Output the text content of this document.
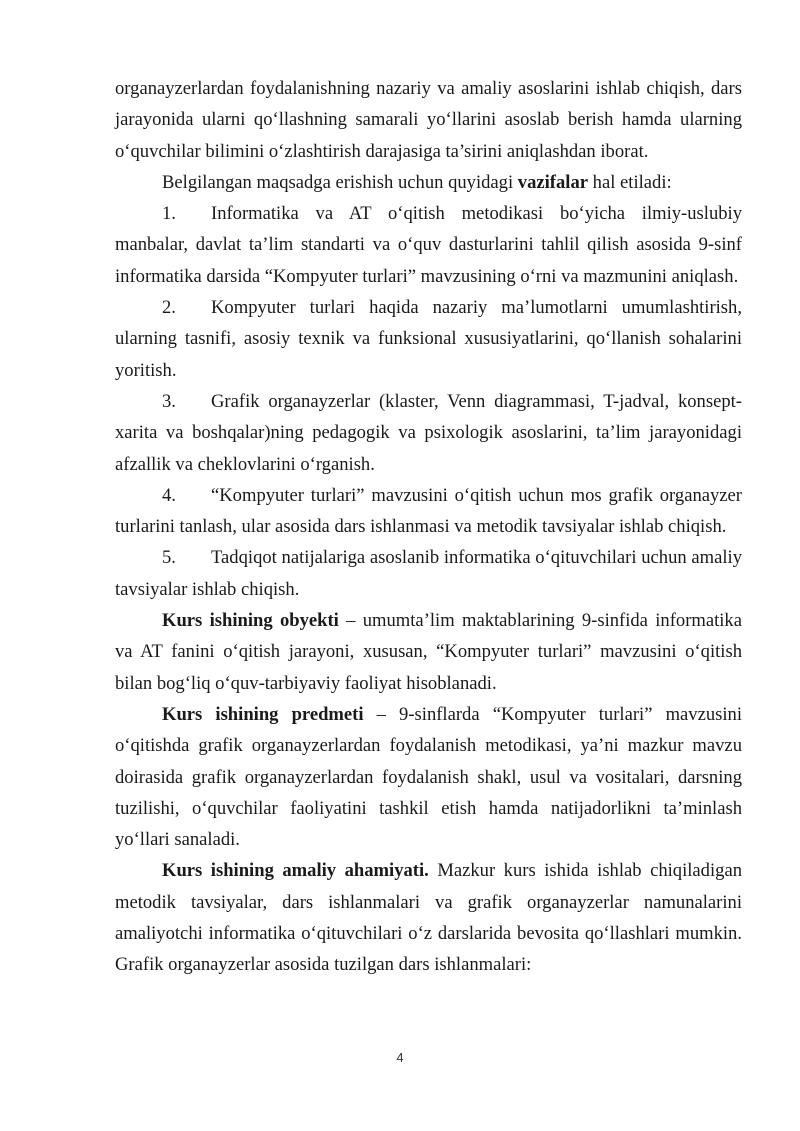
organayzerlardan foydalanishning nazariy va amaliy asoslarini ishlab chiqish, dars jarayonida ularni qo‘llashning samarali yo‘llarini asoslab berish hamda ularning o‘quvchilar bilimini o‘zlashtirish darajasiga ta’sirini aniqlashdan iborat.

Belgilangan maqsadga erishish uchun quyidagi vazifalar hal etiladi:

1. Informatika va AT o‘qitish metodikasi bo‘yicha ilmiy-uslubiy manbalar, davlat ta’lim standarti va o‘quv dasturlarini tahlil qilish asosida 9-sinf informatika darsida “Kompyuter turlari” mavzusining o‘rni va mazmunini aniqlash.

2. Kompyuter turlari haqida nazariy ma’lumotlarni umumlashtirish, ularning tasnifi, asosiy texnik va funksional xususiyatlarini, qo‘llanish sohalarini yoritish.

3. Grafik organayzerlar (klaster, Venn diagrammasi, T-jadval, konsept-xarita va boshqalar)ning pedagogik va psixologik asoslarini, ta’lim jarayonidagi afzallik va cheklovlarini o‘rganish.

4. “Kompyuter turlari” mavzusini o‘qitish uchun mos grafik organayzer turlarini tanlash, ular asosida dars ishlanmasi va metodik tavsiyalar ishlab chiqish.

5. Tadqiqot natijalariga asoslanib informatika o‘qituvchilari uchun amaliy tavsiyalar ishlab chiqish.

Kurs ishining obyekti – umumta’lim maktablarining 9-sinfida informatika va AT fanini o‘qitish jarayoni, xususan, “Kompyuter turlari” mavzusini o‘qitish bilan bog‘liq o‘quv-tarbiyaviy faoliyat hisoblanadi.

Kurs ishining predmeti – 9-sinflarda “Kompyuter turlari” mavzusini o‘qitishda grafik organayzerlardan foydalanish metodikasi, ya’ni mazkur mavzu doirasida grafik organayzerlardan foydalanish shakl, usul va vositalari, darsning tuzilishi, o‘quvchilar faoliyatini tashkil etish hamda natijadorlikni ta’minlash yo‘llari sanaladi.

Kurs ishining amaliy ahamiyati. Mazkur kurs ishida ishlab chiqiladigan metodik tavsiyalar, dars ishlanmalari va grafik organayzerlar namunalarini amaliyotchi informatika o‘qituvchilari o‘z darslarida bevosita qo‘llashlari mumkin. Grafik organayzerlar asosida tuzilgan dars ishlanmalari:

4
